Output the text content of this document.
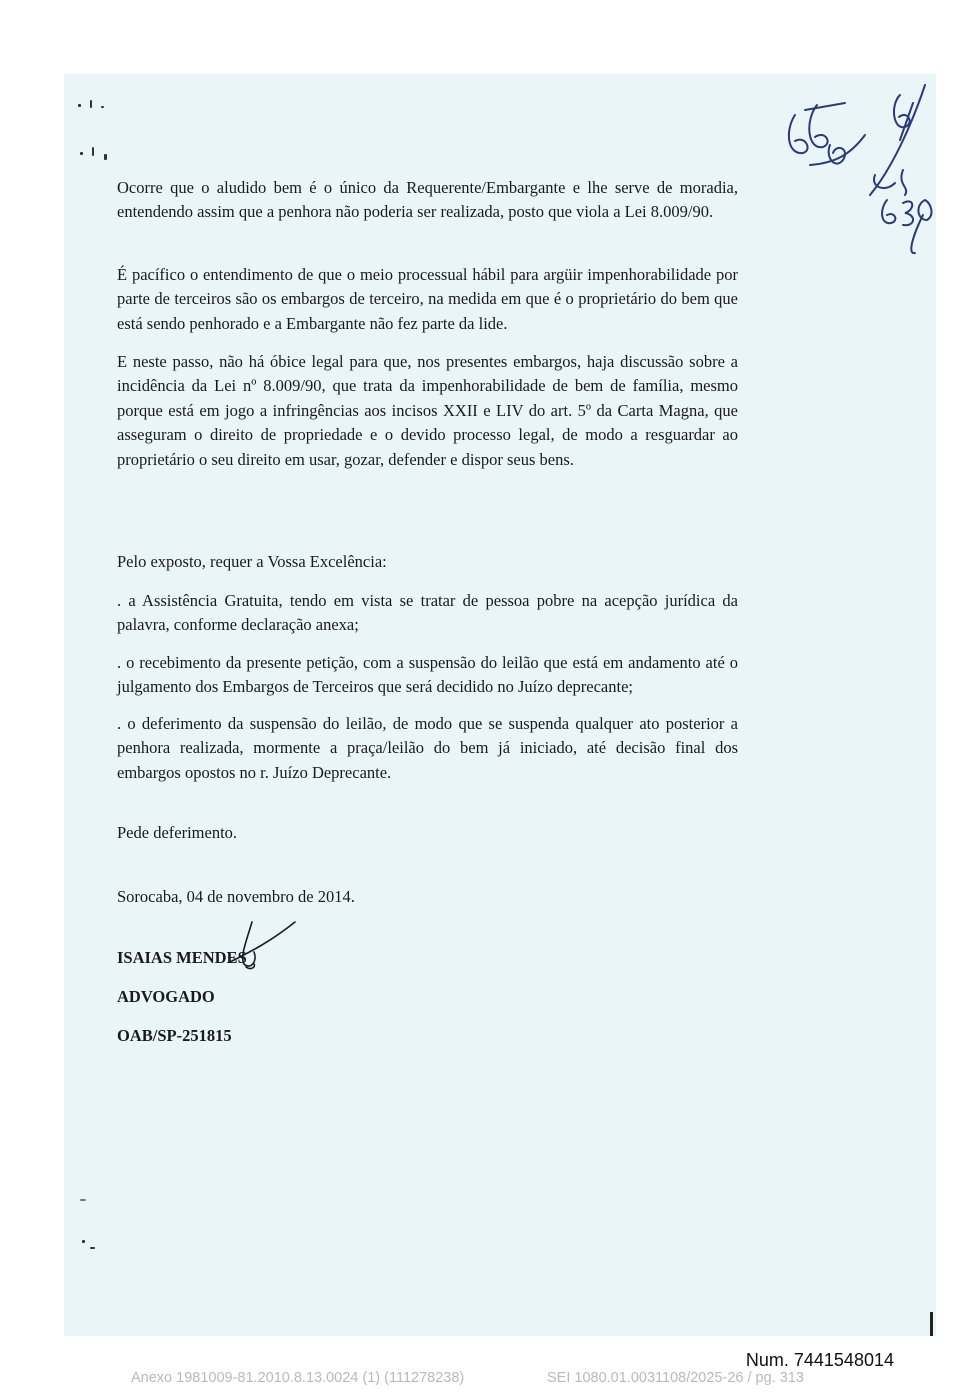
Ocorre que o aludido bem é o único da Requerente/Embargante e lhe serve de moradia, entendendo assim que a penhora não poderia ser realizada, posto que viola a Lei 8.009/90.
É pacífico o entendimento de que o meio processual hábil para argüir impenhorabilidade por parte de terceiros são os embargos de terceiro, na medida em que é o proprietário do bem que está sendo penhorado e a Embargante não fez parte da lide.
E neste passo, não há óbice legal para que, nos presentes embargos, haja discussão sobre a incidência da Lei nº 8.009/90, que trata da impenhorabilidade de bem de família, mesmo porque está em jogo a infringências aos incisos XXII e LIV do art. 5º da Carta Magna, que asseguram o direito de propriedade e o devido processo legal, de modo a resguardar ao proprietário o seu direito em usar, gozar, defender e dispor seus bens.
Pelo exposto, requer a Vossa Excelência:
. a Assistência Gratuita, tendo em vista se tratar de pessoa pobre na acepção jurídica da palavra, conforme declaração anexa;
. o recebimento da presente petição, com a suspensão do leilão que está em andamento até o julgamento dos Embargos de Terceiros que será decidido no Juízo deprecante;
. o deferimento da suspensão do leilão, de modo que se suspenda qualquer ato posterior a penhora realizada, mormente a praça/leilão do bem já iniciado, até decisão final dos embargos opostos no r. Juízo Deprecante.
Pede deferimento.
Sorocaba, 04 de novembro de 2014.
ISAIAS MENDES
ADVOGADO
OAB/SP-251815
Num. 7441548014
Anexo 1981009-81.2010.8.13.0024 (1) (111278238)	SEI 1080.01.0031108/2025-26 / pg. 313
